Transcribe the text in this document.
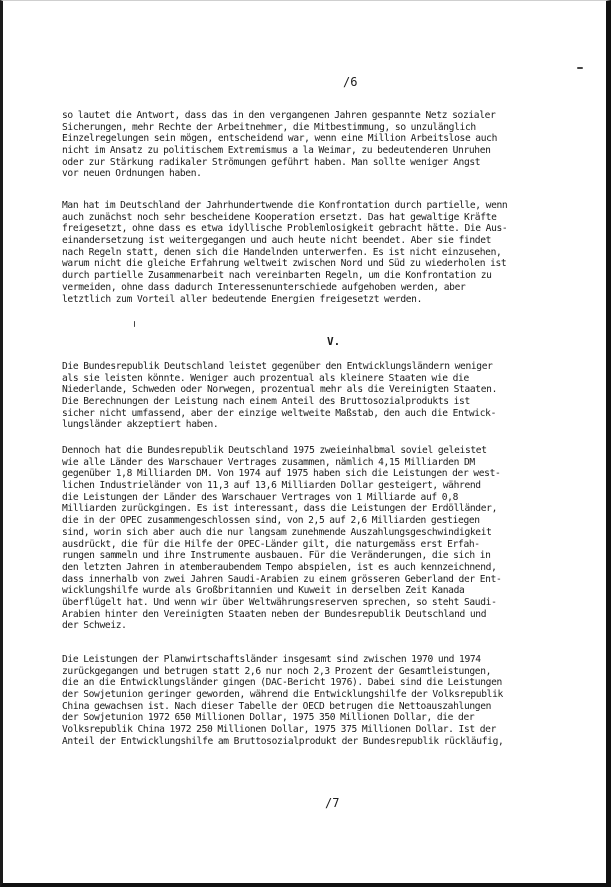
/6
so lautet die Antwort, dass das in den vergangenen Jahren gespannte Netz sozialer
Sicherungen, mehr Rechte der Arbeitnehmer, die Mitbestimmung, so unzulänglich
Einzelregelungen sein mögen, entscheidend war, wenn eine Million Arbeitslose auch
nicht im Ansatz zu politischem Extremismus a la Weimar, zu bedeutenderen Unruhen
oder zur Stärkung radikaler Strömungen geführt haben. Man sollte weniger Angst
vor neuen Ordnungen haben.
Man hat im Deutschland der Jahrhundertwende die Konfrontation durch partielle, wenn
auch zunächst noch sehr bescheidene Kooperation ersetzt. Das hat gewaltige Kräfte
freigesetzt, ohne dass es etwa idyllische Problemlosigkeit gebracht hätte. Die Aus-
einandersetzung ist weitergegangen und auch heute nicht beendet. Aber sie findet
nach Regeln statt, denen sich die Handelnden unterwerfen. Es ist nicht einzusehen,
warum nicht die gleiche Erfahrung weltweit zwischen Nord und Süd zu wiederholen ist
durch partielle Zusammenarbeit nach vereinbarten Regeln, um die Konfrontation zu
vermeiden, ohne dass dadurch Interessenunterschiede aufgehoben werden, aber
letztlich zum Vorteil aller bedeutende Energien freigesetzt werden.
V.
Die Bundesrepublik Deutschland leistet gegenüber den Entwicklungsländern weniger
als sie leisten könnte. Weniger auch prozentual als kleinere Staaten wie die
Niederlande, Schweden oder Norwegen, prozentual mehr als die Vereinigten Staaten.
Die Berechnungen der Leistung nach einem Anteil des Bruttosozialprodukts ist
sicher nicht umfassend, aber der einzige weltweite Maßstab, den auch die Entwick-
lungsländer akzeptiert haben.
Dennoch hat die Bundesrepublik Deutschland 1975 zweieinhalbmal soviel geleistet
wie alle Länder des Warschauer Vertrages zusammen, nämlich 4,15 Milliarden DM
gegenüber 1,8 Milliarden DM. Von 1974 auf 1975 haben sich die Leistungen der west-
lichen Industrieländer von 11,3 auf 13,6 Milliarden Dollar gesteigert, während
die Leistungen der Länder des Warschauer Vertrages von 1 Milliarde auf 0,8
Milliarden zurückgingen. Es ist interessant, dass die Leistungen der Erdölländer,
die in der OPEC zusammengeschlossen sind, von 2,5 auf 2,6 Milliarden gestiegen
sind, worin sich aber auch die nur langsam zunehmende Auszahlungsgeschwindigkeit
ausdrückt, die für die Hilfe der OPEC-Länder gilt, die naturgemäss erst Erfah-
rungen sammeln und ihre Instrumente ausbauen. Für die Veränderungen, die sich in
den letzten Jahren in atemberaubendem Tempo abspielen, ist es auch kennzeichnend,
dass innerhalb von zwei Jahren Saudi-Arabien zu einem grösseren Geberland der Ent-
wicklungshilfe wurde als Großbritannien und Kuweit in derselben Zeit Kanada
überflügelt hat. Und wenn wir über Weltwährungsreserven sprechen, so steht Saudi-
Arabien hinter den Vereinigten Staaten neben der Bundesrepublik Deutschland und
der Schweiz.
Die Leistungen der Planwirtschaftsländer insgesamt sind zwischen 1970 und 1974
zurückgegangen und betrugen statt 2,6 nur noch 2,3 Prozent der Gesamtleistungen,
die an die Entwicklungsländer gingen (DAC-Bericht 1976). Dabei sind die Leistungen
der Sowjetunion geringer geworden, während die Entwicklungshilfe der Volksrepublik
China gewachsen ist. Nach dieser Tabelle der OECD betrugen die Nettoauszahlungen
der Sowjetunion 1972 650 Millionen Dollar, 1975 350 Millionen Dollar, die der
Volksrepublik China 1972 250 Millionen Dollar, 1975 375 Millionen Dollar. Ist der
Anteil der Entwicklungshilfe am Bruttosozialprodukt der Bundesrepublik rückläufig,
/7
